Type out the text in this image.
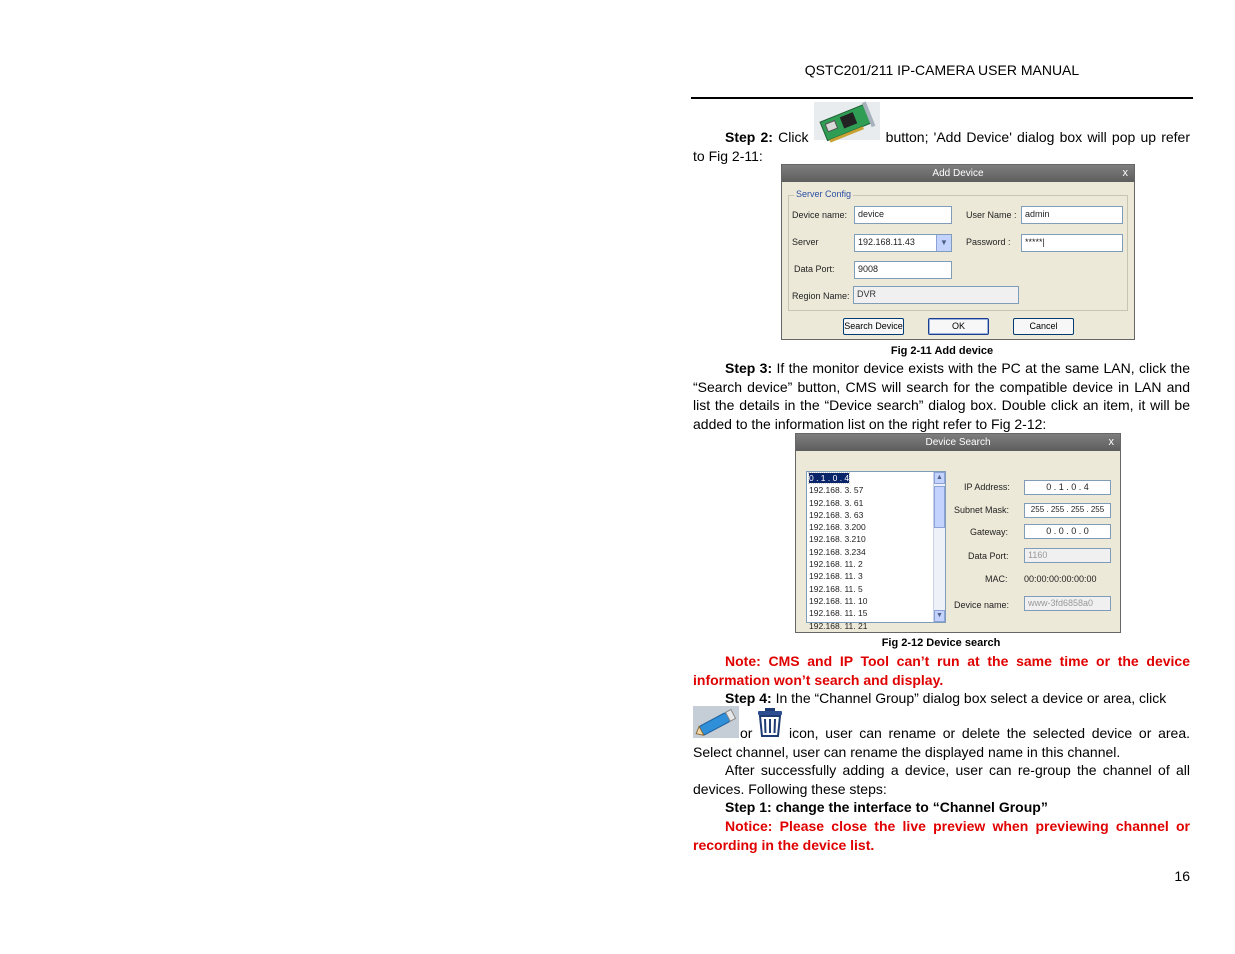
QSTC201/211 IP-CAMERA USER MANUAL
Step 2: Click	button; 'Add Device' dialog box will pop up refer to Fig 2-11:
Add Device	x
Server Config
Device name:	device	User Name : admin
Server	192.168.11.43	▼	Password :	*****|
Data Port:	9008
Region Name: DVR
Search Device	OK	Cancel
Fig 2-11 Add device
Step 3: If the monitor device exists with the PC at the same LAN, click the “Search device” button, CMS will search for the compatible device in LAN and list the details in the “Device search” dialog box. Double click an item, it will be added to the information list on the right refer to Fig 2-12:
Device Search	x
0 . 1 . 0 . 4
192.168. 3. 57
192.168. 3. 61
192.168. 3. 63
192.168. 3.200
192.168. 3.210
192.168. 3.234
192.168. 11. 2
192.168. 11. 3
192.168. 11. 5
192.168. 11. 10
192.168. 11. 15
192.168. 11. 21
▲
▼
IP Address:	0 . 1 . 0 . 4
Subnet Mask:	255 . 255 . 255 . 255
Gateway:	0 . 0 . 0 . 0
Data Port:	1160
MAC: 00:00:00:00:00:00
Device name:	www-3fd6858a0
Fig 2-12 Device search
Note: CMS and IP Tool can’t run at the same time or the device information won’t search and display.
Step 4: In the “Channel Group” dialog box select a device or area, click
or	icon, user can rename or delete the selected device or area. Select channel, user can rename the displayed name in this channel.
After successfully adding a device, user can re-group the channel of all devices. Following these steps:
Step 1: change the interface to “Channel Group”
Notice: Please close the live preview when previewing channel or recording in the device list.
16
